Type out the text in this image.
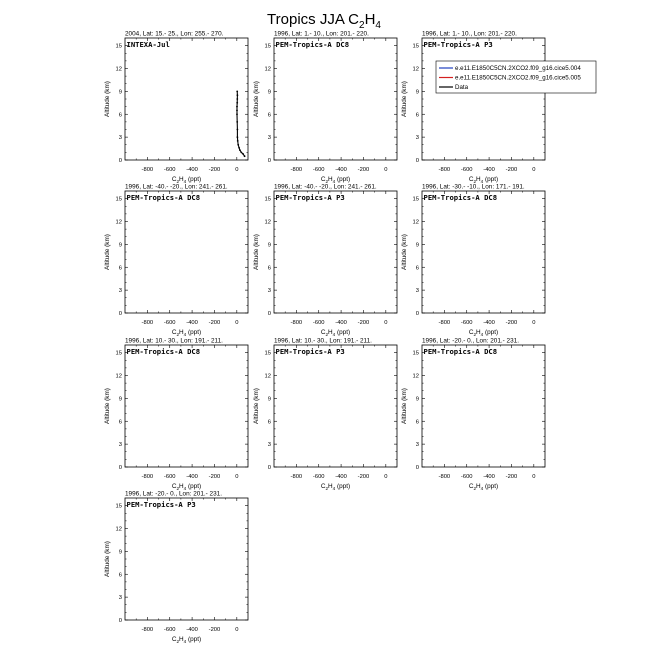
Tropics JJA $C_2H_4$
2004, Lat: 15.- 25., Lon: 255.- 270.
INTEXA-Jul
0
3
6
9
12
15
-800 -600 -400 -200	0
$C_2H_4$ (ppt)
Altitude (km)
1996, Lat: 1.- 10., Lon: 201.- 220.
PEM-Tropics-A DC8
0
3
6
9
12
15
-800 -600 -400 -200	0
$C_2H_4$ (ppt)
Altitude (km)
1996, Lat: 1.- 10., Lon: 201.- 220.
PEM-Tropics-A P3
0
3
6
9
12
15
-800 -600 -400 -200	0
$C_2H_4$ (ppt)
Altitude (km)
1996, Lat: -40.- -20., Lon: 241.- 261.
PEM-Tropics-A DC8
0
3
6
9
12
15
-800 -600 -400 -200	0
$C_2H_4$ (ppt)
Altitude (km)
1996, Lat: -40.- -20., Lon: 241.- 261.
PEM-Tropics-A P3
0
3
6
9
12
15
-800 -600 -400 -200	0
$C_2H_4$ (ppt)
Altitude (km)
1996, Lat: -30.- -10., Lon: 171.- 191.
PEM-Tropics-A DC8
0
3
6
9
12
15
-800 -600 -400 -200	0
$C_2H_4$ (ppt)
Altitude (km)
1996, Lat: 10.- 30., Lon: 191.- 211.
PEM-Tropics-A DC8
0
3
6
9
12
15
-800 -600 -400 -200	0
$C_2H_4$ (ppt)
Altitude (km)
1996, Lat: 10.- 30., Lon: 191.- 211.
PEM-Tropics-A P3
0
3
6
9
12
15
-800 -600 -400 -200	0
$C_2H_4$ (ppt)
Altitude (km)
1996, Lat: -20.- 0., Lon: 201.- 231.
PEM-Tropics-A DC8
0
3
6
9
12
15
-800 -600 -400 -200	0
$C_2H_4$ (ppt)
Altitude (km)
1996, Lat: -20.- 0., Lon: 201.- 231.
PEM-Tropics-A P3
0
3
6
9
12
15
-800 -600 -400 -200	0
$C_2H_4$ (ppt)
Altitude (km)
e.e11.E1850C5CN.2XCO2.f09_g16.cice5.004
e.e11.E1850C5CN.2XCO2.f09_g16.cice5.005
Data
